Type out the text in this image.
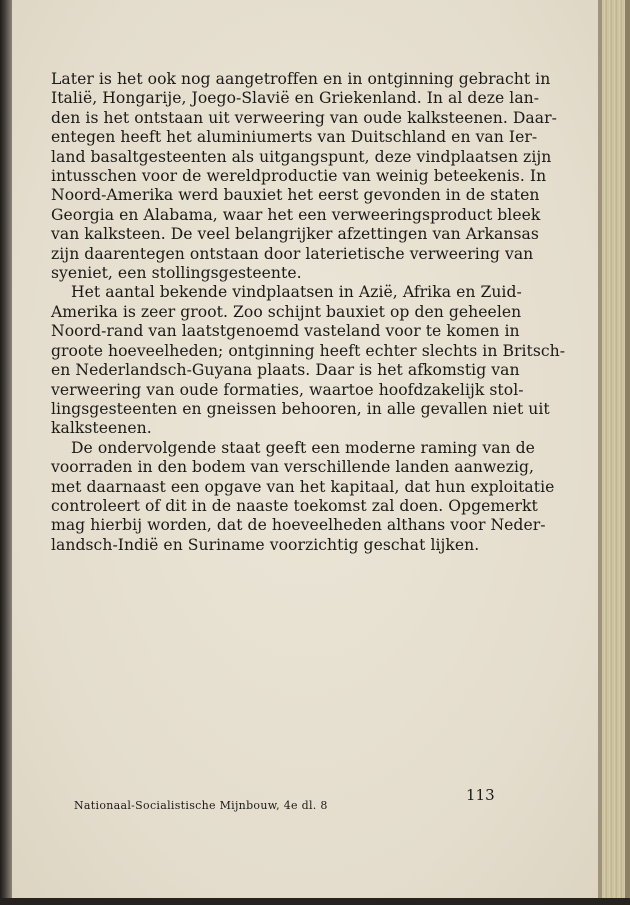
Later is het ook nog aangetroffen en in ontginning gebracht in
Italië, Hongarije, Joego-Slavië en Griekenland. In al deze lan-
den is het ontstaan uit verweering van oude kalksteenen. Daar-
entegen heeft het aluminiumerts van Duitschland en van Ier-
land basaltgesteenten als uitgangspunt, deze vindplaatsen zijn
intusschen voor de wereldproductie van weinig beteekenis. In
Noord-Amerika werd bauxiet het eerst gevonden in de staten
Georgia en Alabama, waar het een verweeringsproduct bleek
van kalksteen. De veel belangrijker afzettingen van Arkansas
zijn daarentegen ontstaan door laterietische verweering van
syeniet, een stollingsgesteente.
Het aantal bekende vindplaatsen in Azië, Afrika en Zuid-
Amerika is zeer groot. Zoo schijnt bauxiet op den geheelen
Noord-rand van laatstgenoemd vasteland voor te komen in
groote hoeveelheden; ontginning heeft echter slechts in Britsch-
en Nederlandsch-Guyana plaats. Daar is het afkomstig van
verweering van oude formaties, waartoe hoofdzakelijk stol-
lingsgesteenten en gneissen behooren, in alle gevallen niet uit
kalksteenen.
De ondervolgende staat geeft een moderne raming van de
voorraden in den bodem van verschillende landen aanwezig,
met daarnaast een opgave van het kapitaal, dat hun exploitatie
controleert of dit in de naaste toekomst zal doen. Opgemerkt
mag hierbij worden, dat de hoeveelheden althans voor Neder-
landsch-Indië en Suriname voorzichtig geschat lijken.
113
Nationaal-Socialistische Mijnbouw, 4e dl. 8
